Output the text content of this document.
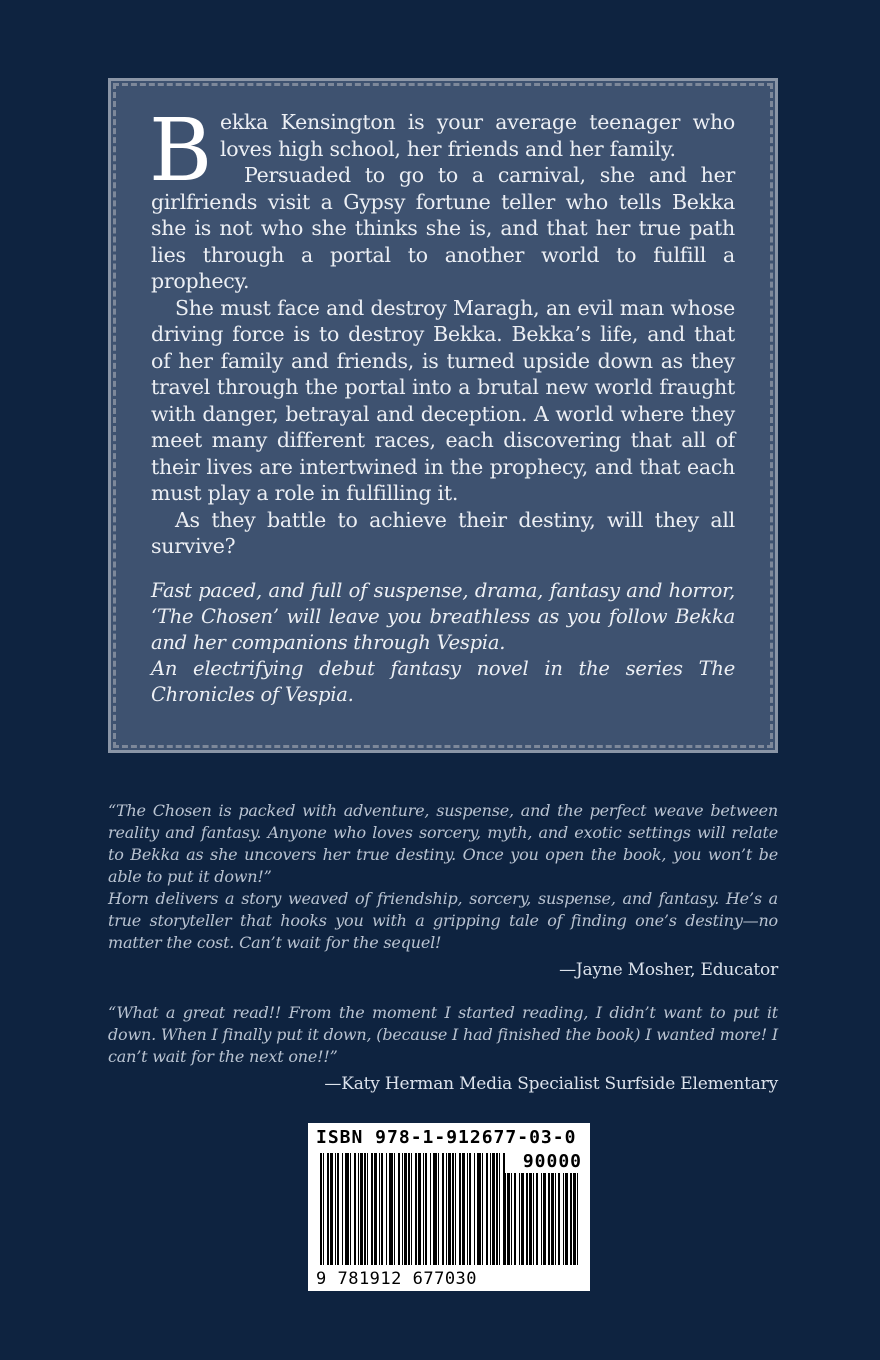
Bekka Kensington is your average teenager who loves high school, her friends and her family.

Persuaded to go to a carnival, she and her girlfriends visit a Gypsy fortune teller who tells Bekka she is not who she thinks she is, and that her true path lies through a portal to another world to fulfill a prophecy.

She must face and destroy Maragh, an evil man whose driving force is to destroy Bekka. Bekka’s life, and that of her family and friends, is turned upside down as they travel through the portal into a brutal new world fraught with danger, betrayal and deception. A world where they meet many different races, each discovering that all of their lives are intertwined in the prophecy, and that each must play a role in fulfilling it.

As they battle to achieve their destiny, will they all survive?

Fast paced, and full of suspense, drama, fantasy and horror, ‘The Chosen’ will leave you breathless as you follow Bekka and her companions through Vespia.

An electrifying debut fantasy novel in the series The Chronicles of Vespia.

“The Chosen is packed with adventure, suspense, and the perfect weave between reality and fantasy. Anyone who loves sorcery, myth, and exotic settings will relate to Bekka as she uncovers her true destiny. Once you open the book, you won’t be able to put it down!”

Horn delivers a story weaved of friendship, sorcery, suspense, and fantasy. He’s a true storyteller that hooks you with a gripping tale of finding one’s destiny—no matter the cost. Can’t wait for the sequel!

—Jayne Mosher, Educator

“What a great read!! From the moment I started reading, I didn’t want to put it down. When I finally put it down, (because I had finished the book) I wanted more! I can’t wait for the next one!!”

—Katy Herman Media Specialist Surfside Elementary

ISBN 978-1-912677-03-0
90000
9 781912 677030
